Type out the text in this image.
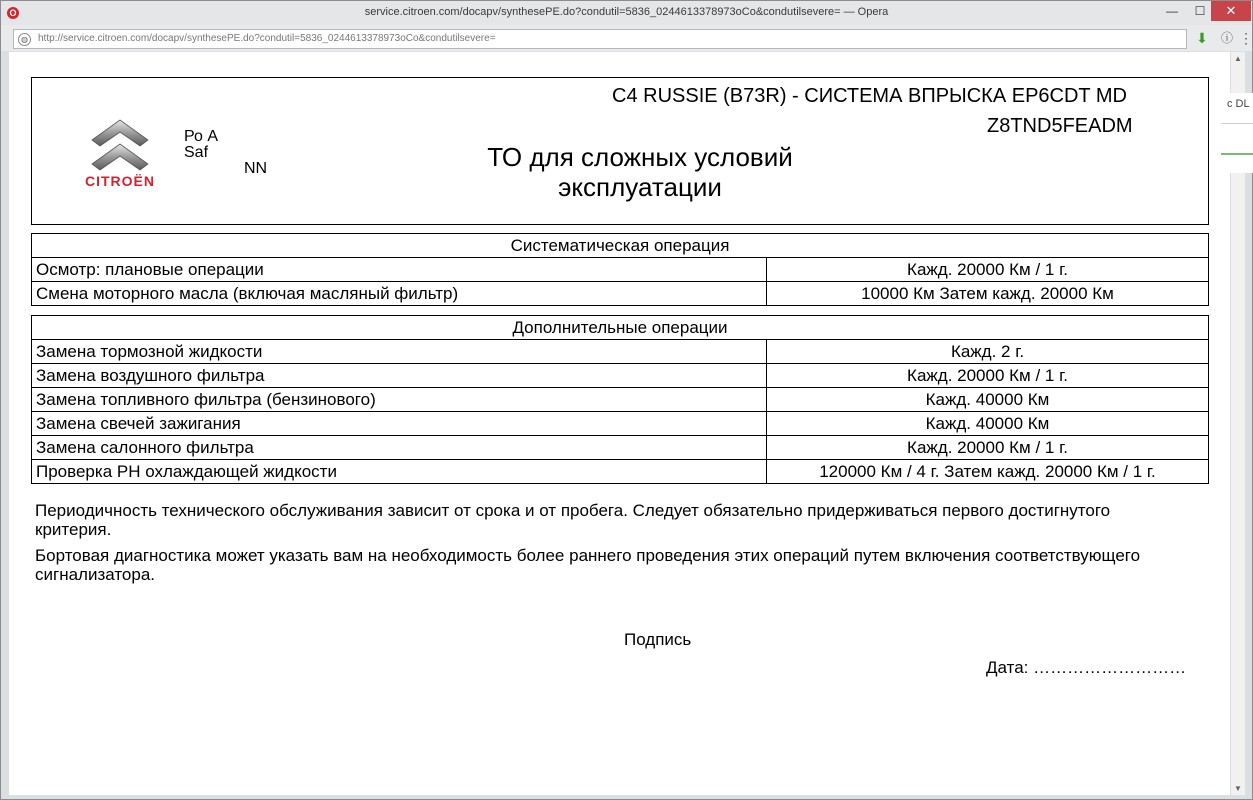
O	service.citroen.com/docapv/synthesePE.do?condutil=5836_0244613378973oCo&condutilsevere= — Opera	—	☐	✕
◍	http://service.citroen.com/docapv/synthesePE.do?condutil=5836_0244613378973oCo&condutilsevere=	⬇ ⓘ ⋮
CITROËN
Ро А
Saf
NN
C4 RUSSIE (B73R) - СИСТЕМА ВПРЫСКА EP6CDT MD
Z8TND5FEADM
ТО для сложных условий
эксплуатации
Систематическая операция	
Осмотр: плановые операции	Кажд. 20000 Км / 1 г.
Смена моторного масла (включая масляный фильтр)	10000 Км Затем кажд. 20000 Км
Дополнительные операции	
Замена тормозной жидкости	Кажд. 2 г.
Замена воздушного фильтра	Кажд. 20000 Км / 1 г.
Замена топливного фильтра (бензинового)	Кажд. 40000 Км
Замена свечей зажигания	Кажд. 40000 Км
Замена салонного фильтра	Кажд. 20000 Км / 1 г.
Проверка PH охлаждающей жидкости	120000 Км / 4 г. Затем кажд. 20000 Км / 1 г.
Периодичность технического обслуживания зависит от срока и от пробега. Следует обязательно придерживаться первого достигнутого критерия.
Бортовая диагностика может указать вам на необходимость более раннего проведения этих операций путем включения соответствующего сигнализатора.
Подпись
Дата: ………………………
▲
▼
c DL
